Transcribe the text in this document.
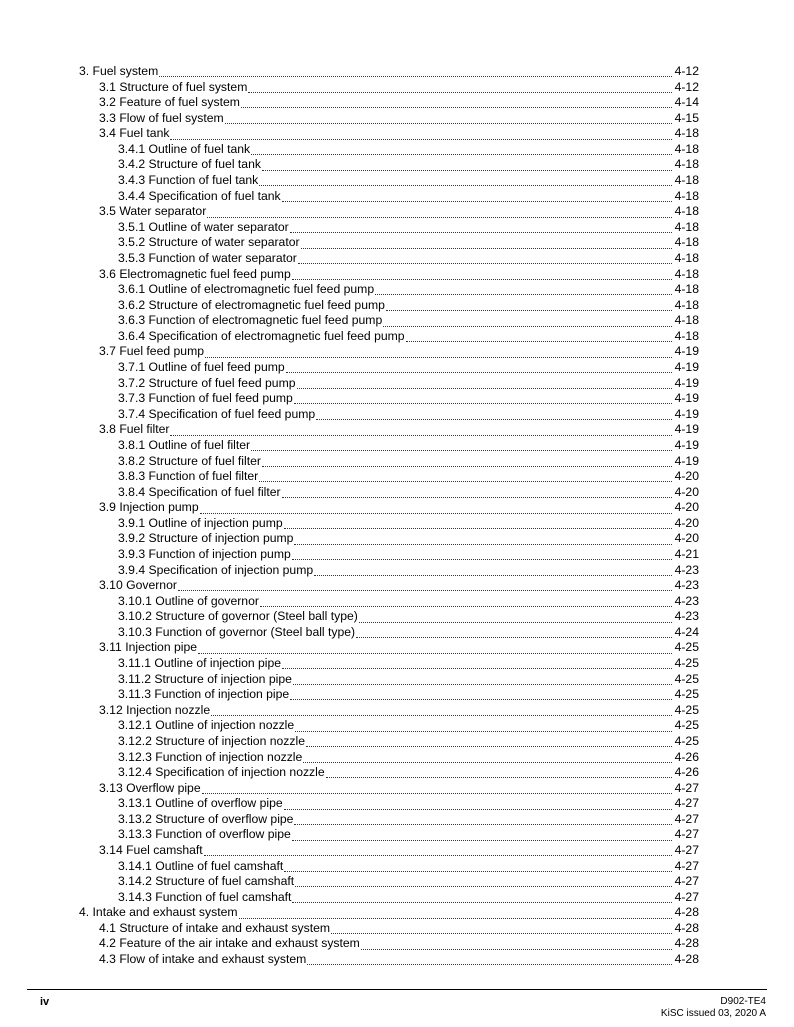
3. Fuel system	4-12
3.1 Structure of fuel system	4-12
3.2 Feature of fuel system	4-14
3.3 Flow of fuel system	4-15
3.4 Fuel tank	4-18
3.4.1 Outline of fuel tank	4-18
3.4.2 Structure of fuel tank	4-18
3.4.3 Function of fuel tank	4-18
3.4.4 Specification of fuel tank	4-18
3.5 Water separator	4-18
3.5.1 Outline of water separator	4-18
3.5.2 Structure of water separator	4-18
3.5.3 Function of water separator	4-18
3.6 Electromagnetic fuel feed pump	4-18
3.6.1 Outline of electromagnetic fuel feed pump	4-18
3.6.2 Structure of electromagnetic fuel feed pump	4-18
3.6.3 Function of electromagnetic fuel feed pump	4-18
3.6.4 Specification of electromagnetic fuel feed pump	4-18
3.7 Fuel feed pump	4-19
3.7.1 Outline of fuel feed pump	4-19
3.7.2 Structure of fuel feed pump	4-19
3.7.3 Function of fuel feed pump	4-19
3.7.4 Specification of fuel feed pump	4-19
3.8 Fuel filter	4-19
3.8.1 Outline of fuel filter	4-19
3.8.2 Structure of fuel filter	4-19
3.8.3 Function of fuel filter	4-20
3.8.4 Specification of fuel filter	4-20
3.9 Injection pump	4-20
3.9.1 Outline of injection pump	4-20
3.9.2 Structure of injection pump	4-20
3.9.3 Function of injection pump	4-21
3.9.4 Specification of injection pump	4-23
3.10 Governor	4-23
3.10.1 Outline of governor	4-23
3.10.2 Structure of governor (Steel ball type)	4-23
3.10.3 Function of governor (Steel ball type)	4-24
3.11 Injection pipe	4-25
3.11.1 Outline of injection pipe	4-25
3.11.2 Structure of injection pipe	4-25
3.11.3 Function of injection pipe	4-25
3.12 Injection nozzle	4-25
3.12.1 Outline of injection nozzle	4-25
3.12.2 Structure of injection nozzle	4-25
3.12.3 Function of injection nozzle	4-26
3.12.4 Specification of injection nozzle	4-26
3.13 Overflow pipe	4-27
3.13.1 Outline of overflow pipe	4-27
3.13.2 Structure of overflow pipe	4-27
3.13.3 Function of overflow pipe	4-27
3.14 Fuel camshaft	4-27
3.14.1 Outline of fuel camshaft	4-27
3.14.2 Structure of fuel camshaft	4-27
3.14.3 Function of fuel camshaft	4-27
4. Intake and exhaust system	4-28
4.1 Structure of intake and exhaust system	4-28
4.2 Feature of the air intake and exhaust system	4-28
4.3 Flow of intake and exhaust system	4-28
iv	D902-TE4
KiSC issued 03, 2020 A
